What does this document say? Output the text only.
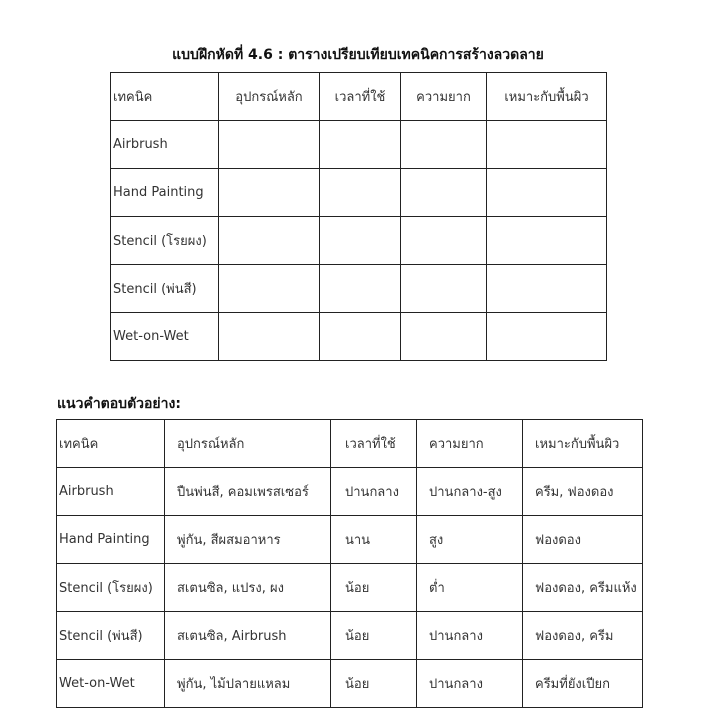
แบบฝึกหัดที่ 4.6 : ตารางเปรียบเทียบเทคนิคการสร้างลวดลาย
เทคนิค	อุปกรณ์หลัก	เวลาที่ใช้	ความยาก	เหมาะกับพื้นผิว
Airbrush				
Hand Painting				
Stencil (โรยผง)				
Stencil (พ่นสี)				
Wet-on-Wet				
แนวคำตอบตัวอย่าง:
เทคนิค	อุปกรณ์หลัก	เวลาที่ใช้	ความยาก	เหมาะกับพื้นผิว
Airbrush	ปืนพ่นสี, คอมเพรสเซอร์	ปานกลาง	ปานกลาง-สูง	ครีม, ฟองดอง
Hand Painting	พู่กัน, สีผสมอาหาร	นาน	สูง	ฟองดอง
Stencil (โรยผง)	สเตนซิล, แปรง, ผง	น้อย	ต่ำ	ฟองดอง, ครีมแห้ง
Stencil (พ่นสี)	สเตนซิล, Airbrush	น้อย	ปานกลาง	ฟองดอง, ครีม
Wet-on-Wet	พู่กัน, ไม้ปลายแหลม	น้อย	ปานกลาง	ครีมที่ยังเปียก
